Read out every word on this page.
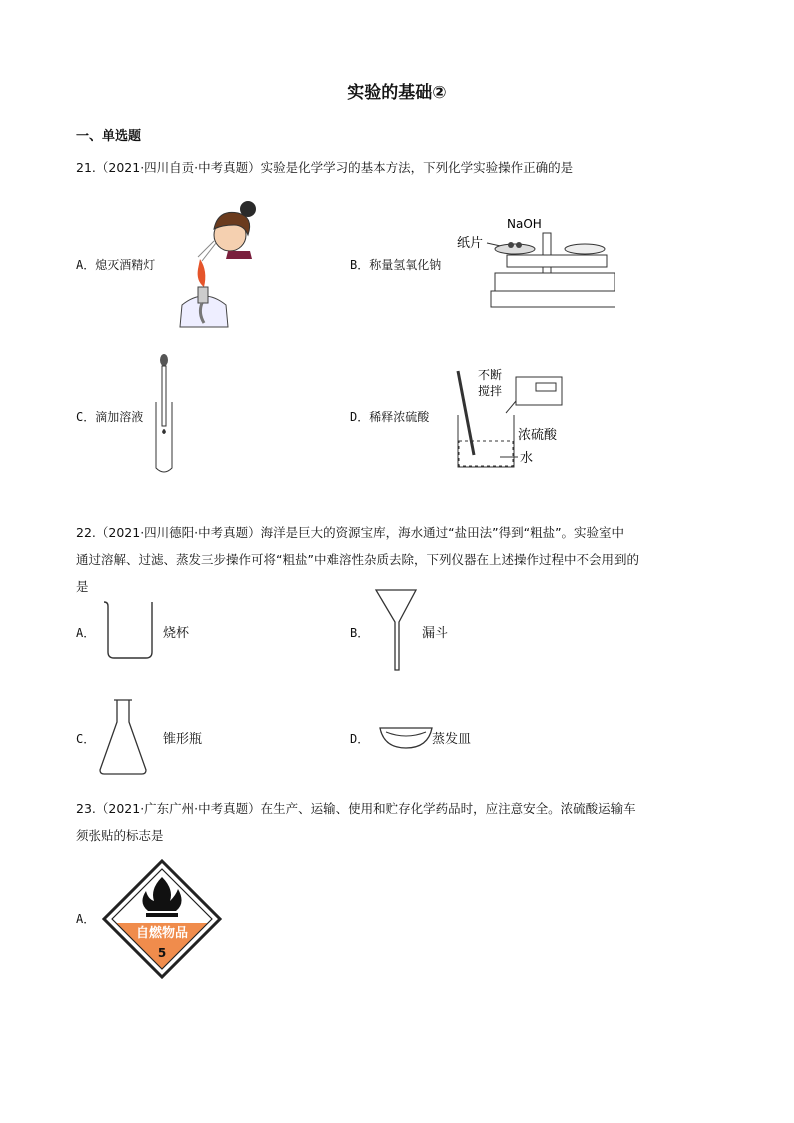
实验的基础②
一、单选题
21.（2021·四川自贡·中考真题）实验是化学学习的基本方法，下列化学实验操作正确的是
A．熄灭酒精灯	B．称量氢氧化钠
NaOH
纸片
C．滴加溶液	D．稀释浓硫酸
不断
搅拌
浓硫酸
水
22.（2021·四川德阳·中考真题）海洋是巨大的资源宝库，海水通过“盐田法”得到“粗盐”。实验室中
通过溶解、过滤、蒸发三步操作可将“粗盐”中难溶性杂质去除，下列仪器在上述操作过程中不会用到的
是
A．	烧杯	B．	漏斗
C．	锥形瓶	D．	蒸发皿
23.（2021·广东广州·中考真题）在生产、运输、使用和贮存化学药品时，应注意安全。浓硫酸运输车
须张贴的标志是
A．
自燃物品
5
